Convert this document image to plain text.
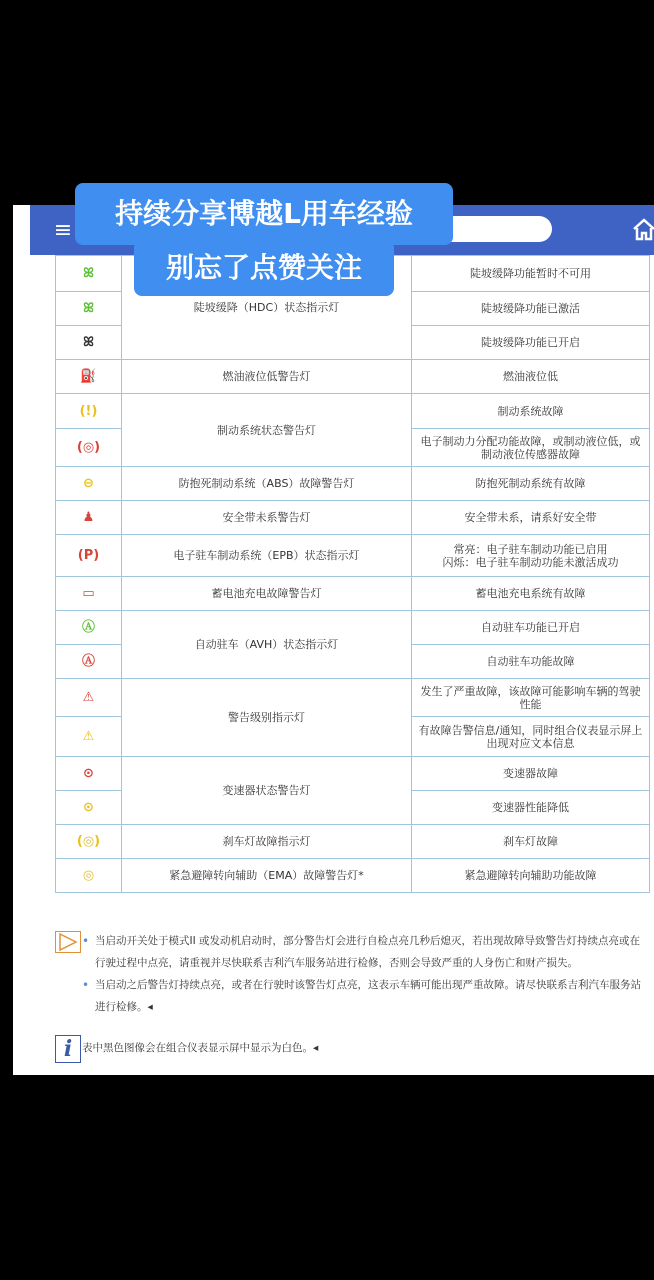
≡
ꕤ	陡坡缓降（HDC）状态指示灯	陡坡缓降功能暂时不可用
ꕤ		陡坡缓降功能已激活
ꕤ		陡坡缓降功能已开启
⛽	燃油液位低警告灯	燃油液位低
(!)	制动系统状态警告灯	制动系统故障
(◎)		电子制动力分配功能故障，或制动液位低，或制动液位传感器故障
⊖	防抱死制动系统（ABS）故障警告灯	防抱死制动系统有故障
♟	安全带未系警告灯	安全带未系，请系好安全带
(P)	电子驻车制动系统（EPB）状态指示灯	常亮：电子驻车制动功能已启用
闪烁：电子驻车制动功能未激活成功
▭	蓄电池充电故障警告灯	蓄电池充电系统有故障
Ⓐ	自动驻车（AVH）状态指示灯	自动驻车功能已开启
Ⓐ		自动驻车功能故障
⚠	警告级别指示灯	发生了严重故障，该故障可能影响车辆的驾驶性能
⚠		有故障告警信息/通知，同时组合仪表显示屏上出现对应文本信息
⊙	变速器状态警告灯	变速器故障
⊙		变速器性能降低
(◎)	刹车灯故障指示灯	刹车灯故障
◎	紧急避障转向辅助（EMA）故障警告灯*	紧急避障转向辅助功能故障
• 当启动开关处于模式II 或发动机启动时，部分警告灯会进行自检点亮几秒后熄灭，若出现故障导致警告灯持续点亮或在行驶过程中点亮，请重视并尽快联系吉利汽车服务站进行检修，否则会导致严重的人身伤亡和财产损失。
• 当启动之后警告灯持续点亮，或者在行驶时该警告灯点亮，这表示车辆可能出现严重故障。请尽快联系吉利汽车服务站进行检修。◂
i 表中黑色图像会在组合仪表显示屏中显示为白色。◂
持续分享博越L用车经验
别忘了点赞关注
